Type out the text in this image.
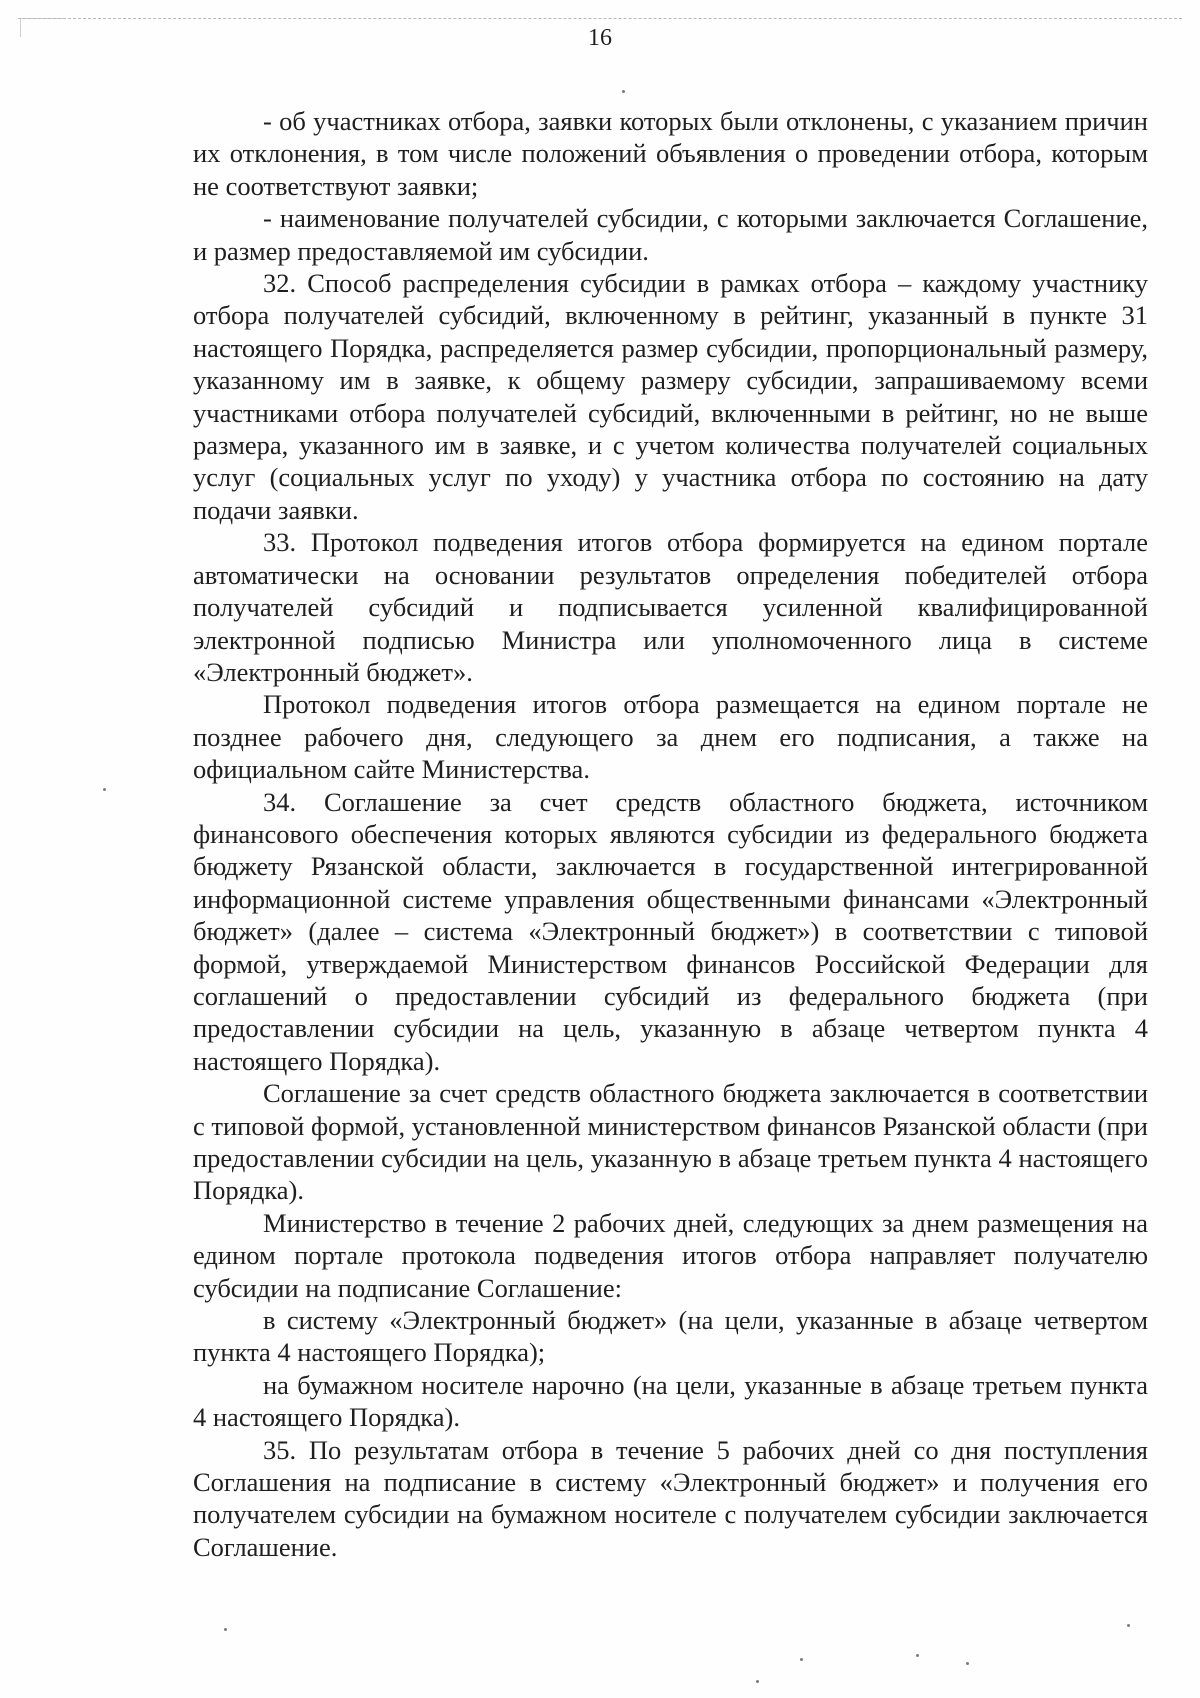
16

- об участниках отбора, заявки которых были отклонены, с указанием причин их отклонения, в том числе положений объявления о проведении отбора, которым не соответствуют заявки;

- наименование получателей субсидии, с которыми заключается Соглашение, и размер предоставляемой им субсидии.

32. Способ распределения субсидии в рамках отбора – каждому участнику отбора получателей субсидий, включенному в рейтинг, указанный в пункте 31 настоящего Порядка, распределяется размер субсидии, пропорциональный размеру, указанному им в заявке, к общему размеру субсидии, запрашиваемому всеми участниками отбора получателей субсидий, включенными в рейтинг, но не выше размера, указанного им в заявке, и с учетом количества получателей социальных услуг (социальных услуг по уходу) у участника отбора по состоянию на дату подачи заявки.

33. Протокол подведения итогов отбора формируется на едином портале автоматически на основании результатов определения победителей отбора получателей субсидий и подписывается усиленной квалифицированной электронной подписью Министра или уполномоченного лица в системе «Электронный бюджет».

Протокол подведения итогов отбора размещается на едином портале не позднее рабочего дня, следующего за днем его подписания, а также на официальном сайте Министерства.

34. Соглашение за счет средств областного бюджета, источником финансового обеспечения которых являются субсидии из федерального бюджета бюджету Рязанской области, заключается в государственной интегрированной информационной системе управления общественными финансами «Электронный бюджет» (далее – система «Электронный бюджет») в соответствии с типовой формой, утверждаемой Министерством финансов Российской Федерации для соглашений о предоставлении субсидий из федерального бюджета (при предоставлении субсидии на цель, указанную в абзаце четвертом пункта 4 настоящего Порядка).

Соглашение за счет средств областного бюджета заключается в соответствии с типовой формой, установленной министерством финансов Рязанской области (при предоставлении субсидии на цель, указанную в абзаце третьем пункта 4 настоящего Порядка).

Министерство в течение 2 рабочих дней, следующих за днем размещения на едином портале протокола подведения итогов отбора направляет получателю субсидии на подписание Соглашение:

в систему «Электронный бюджет» (на цели, указанные в абзаце четвертом пункта 4 настоящего Порядка);

на бумажном носителе нарочно (на цели, указанные в абзаце третьем пункта 4 настоящего Порядка).

35. По результатам отбора в течение 5 рабочих дней со дня поступления Соглашения на подписание в систему «Электронный бюджет» и получения его получателем субсидии на бумажном носителе с получателем субсидии заключается Соглашение.
